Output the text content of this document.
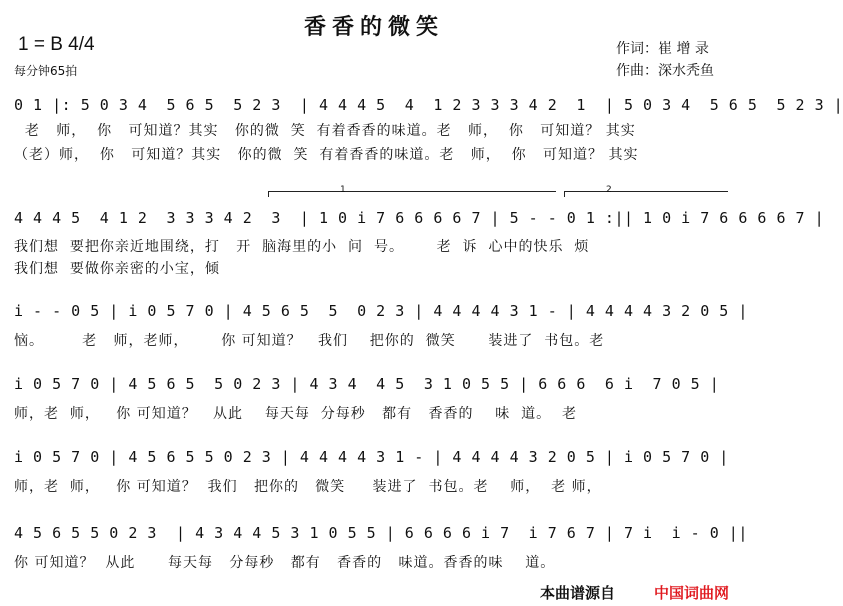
香香的微笑
1 = B 4/4
每分钟65拍
作词：崔 增 录
作曲：深水秃鱼
0 1 |: 5 0 3 4  5 6 5  5 2 3  | 4 4 4 5  4  1 2 3 3 3 4 2  1  | 5 0 3 4  5 6 5  5 2 3 |
老   师，  你   可知道？其实   你的微  笑  有着香香的味道。老   师，  你   可知道？ 其实
（老）师，  你   可知道？其实   你的微  笑  有着香香的味道。老   师，  你   可知道？ 其实
1	2
4 4 4 5  4 1 2  3 3 3 4 2  3  | 1 0 i 7 6 6 6 6 7 | 5 - - 0 1 :|| 1 0 i 7 6 6 6 6 7 |
我们想  要把你亲近地围绕，打   开  脑海里的小  问  号。      老  诉  心中的快乐  烦
我们想  要做你亲密的小宝，倾
i - - 0 5 | i 0 5 7 0 | 4 5 6 5  5  0 2 3 | 4 4 4 4 3 1 - | 4 4 4 4 3 2 0 5 |
恼。       老   师，老师，      你 可知道？   我们    把你的  微笑      装进了  书包。老
i 0 5 7 0 | 4 5 6 5  5 0 2 3 | 4 3 4  4 5  3 1 0 5 5 | 6 6 6  6 i  7 0 5 |
师，老  师，   你 可知道？   从此    每天每  分每秒   都有   香香的    味  道。  老
i 0 5 7 0 | 4 5 6 5 5 0 2 3 | 4 4 4 4 3 1 - | 4 4 4 4 3 2 0 5 | i 0 5 7 0 |
师，老  师，   你 可知道？  我们   把你的   微笑     装进了  书包。老    师，  老 师，
4 5 6 5 5 0 2 3  | 4 3 4 4 5 3 1 0 5 5 | 6 6 6 6 i 7  i 7 6 7 | 7 i  i - 0 ||
你 可知道？  从此      每天每   分每秒   都有   香香的   味道。香香的味    道。
本曲谱源自	中国词曲网
